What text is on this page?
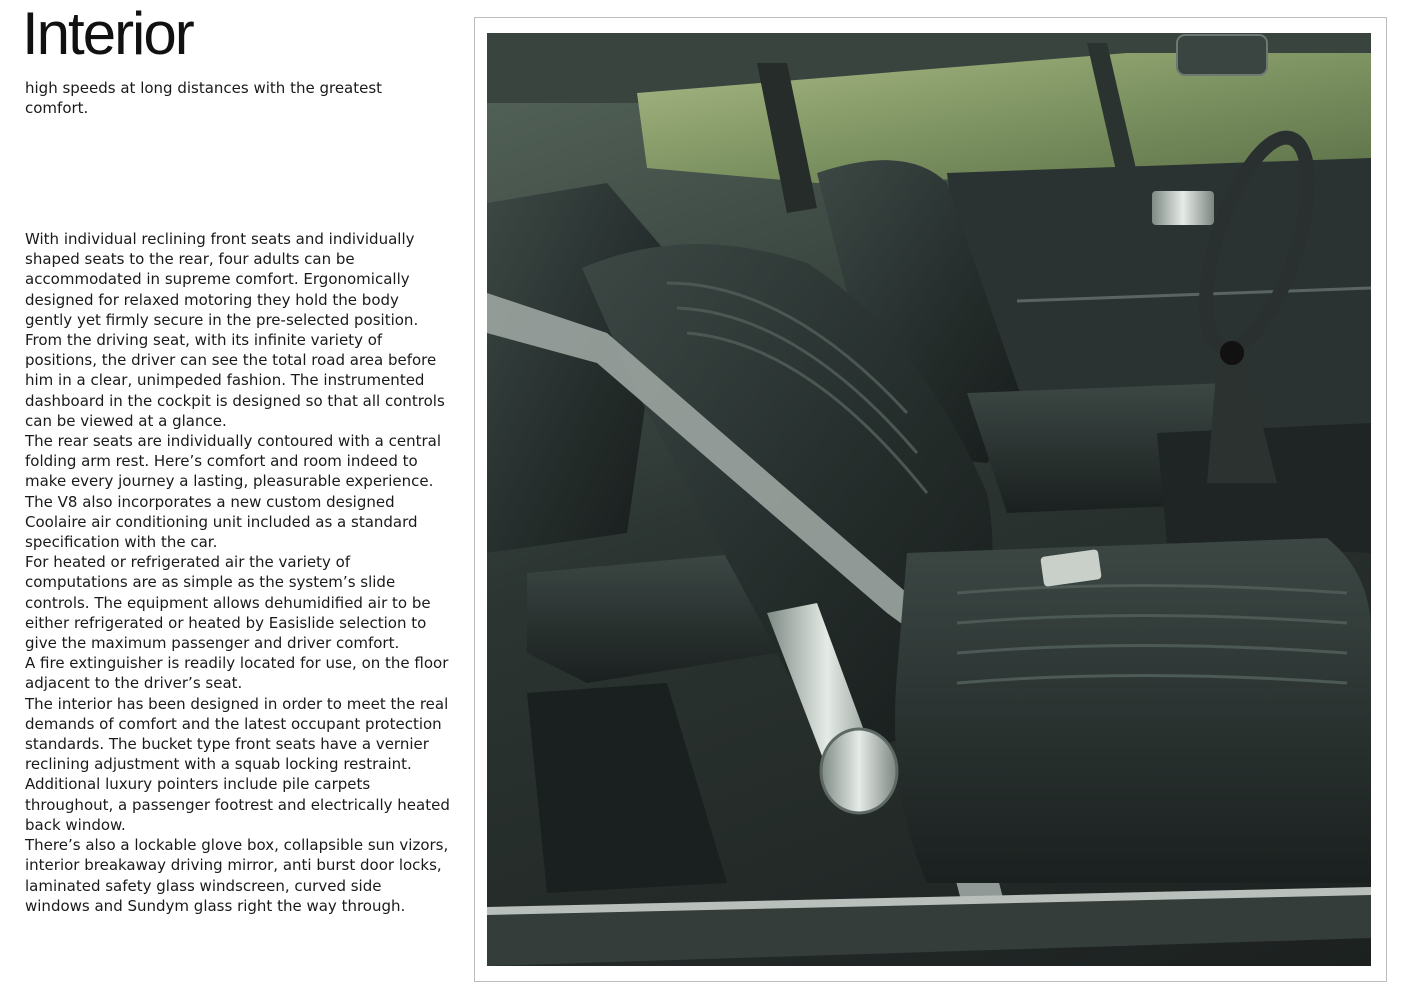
Interior
high speeds at long distances with the greatest comfort.

With individual reclining front seats and individually shaped seats to the rear, four adults can be accommodated in supreme comfort. Ergonomically designed for relaxed motoring they hold the body gently yet firmly secure in the pre-selected position. From the driving seat, with its infinite variety of positions, the driver can see the total road area before him in a clear, unimpeded fashion. The instrumented dashboard in the cockpit is designed so that all controls can be viewed at a glance.

The rear seats are individually contoured with a central folding arm rest. Here’s comfort and room indeed to make every journey a lasting, pleasurable experience.

The V8 also incorporates a new custom designed Coolaire air conditioning unit included as a standard specification with the car.

For heated or refrigerated air the variety of computations are as simple as the system’s slide controls. The equipment allows dehumidified air to be either refrigerated or heated by Easislide selection to give the maximum passenger and driver comfort.

A fire extinguisher is readily located for use, on the floor adjacent to the driver’s seat.

The interior has been designed in order to meet the real demands of comfort and the latest occupant protection standards. The bucket type front seats have a vernier reclining adjustment with a squab locking restraint. Additional luxury pointers include pile carpets throughout, a passenger footrest and electrically heated back window.

There’s also a lockable glove box, collapsible sun vizors, interior breakaway driving mirror, anti burst door locks, laminated safety glass windscreen, curved side windows and Sundym glass right the way through.
